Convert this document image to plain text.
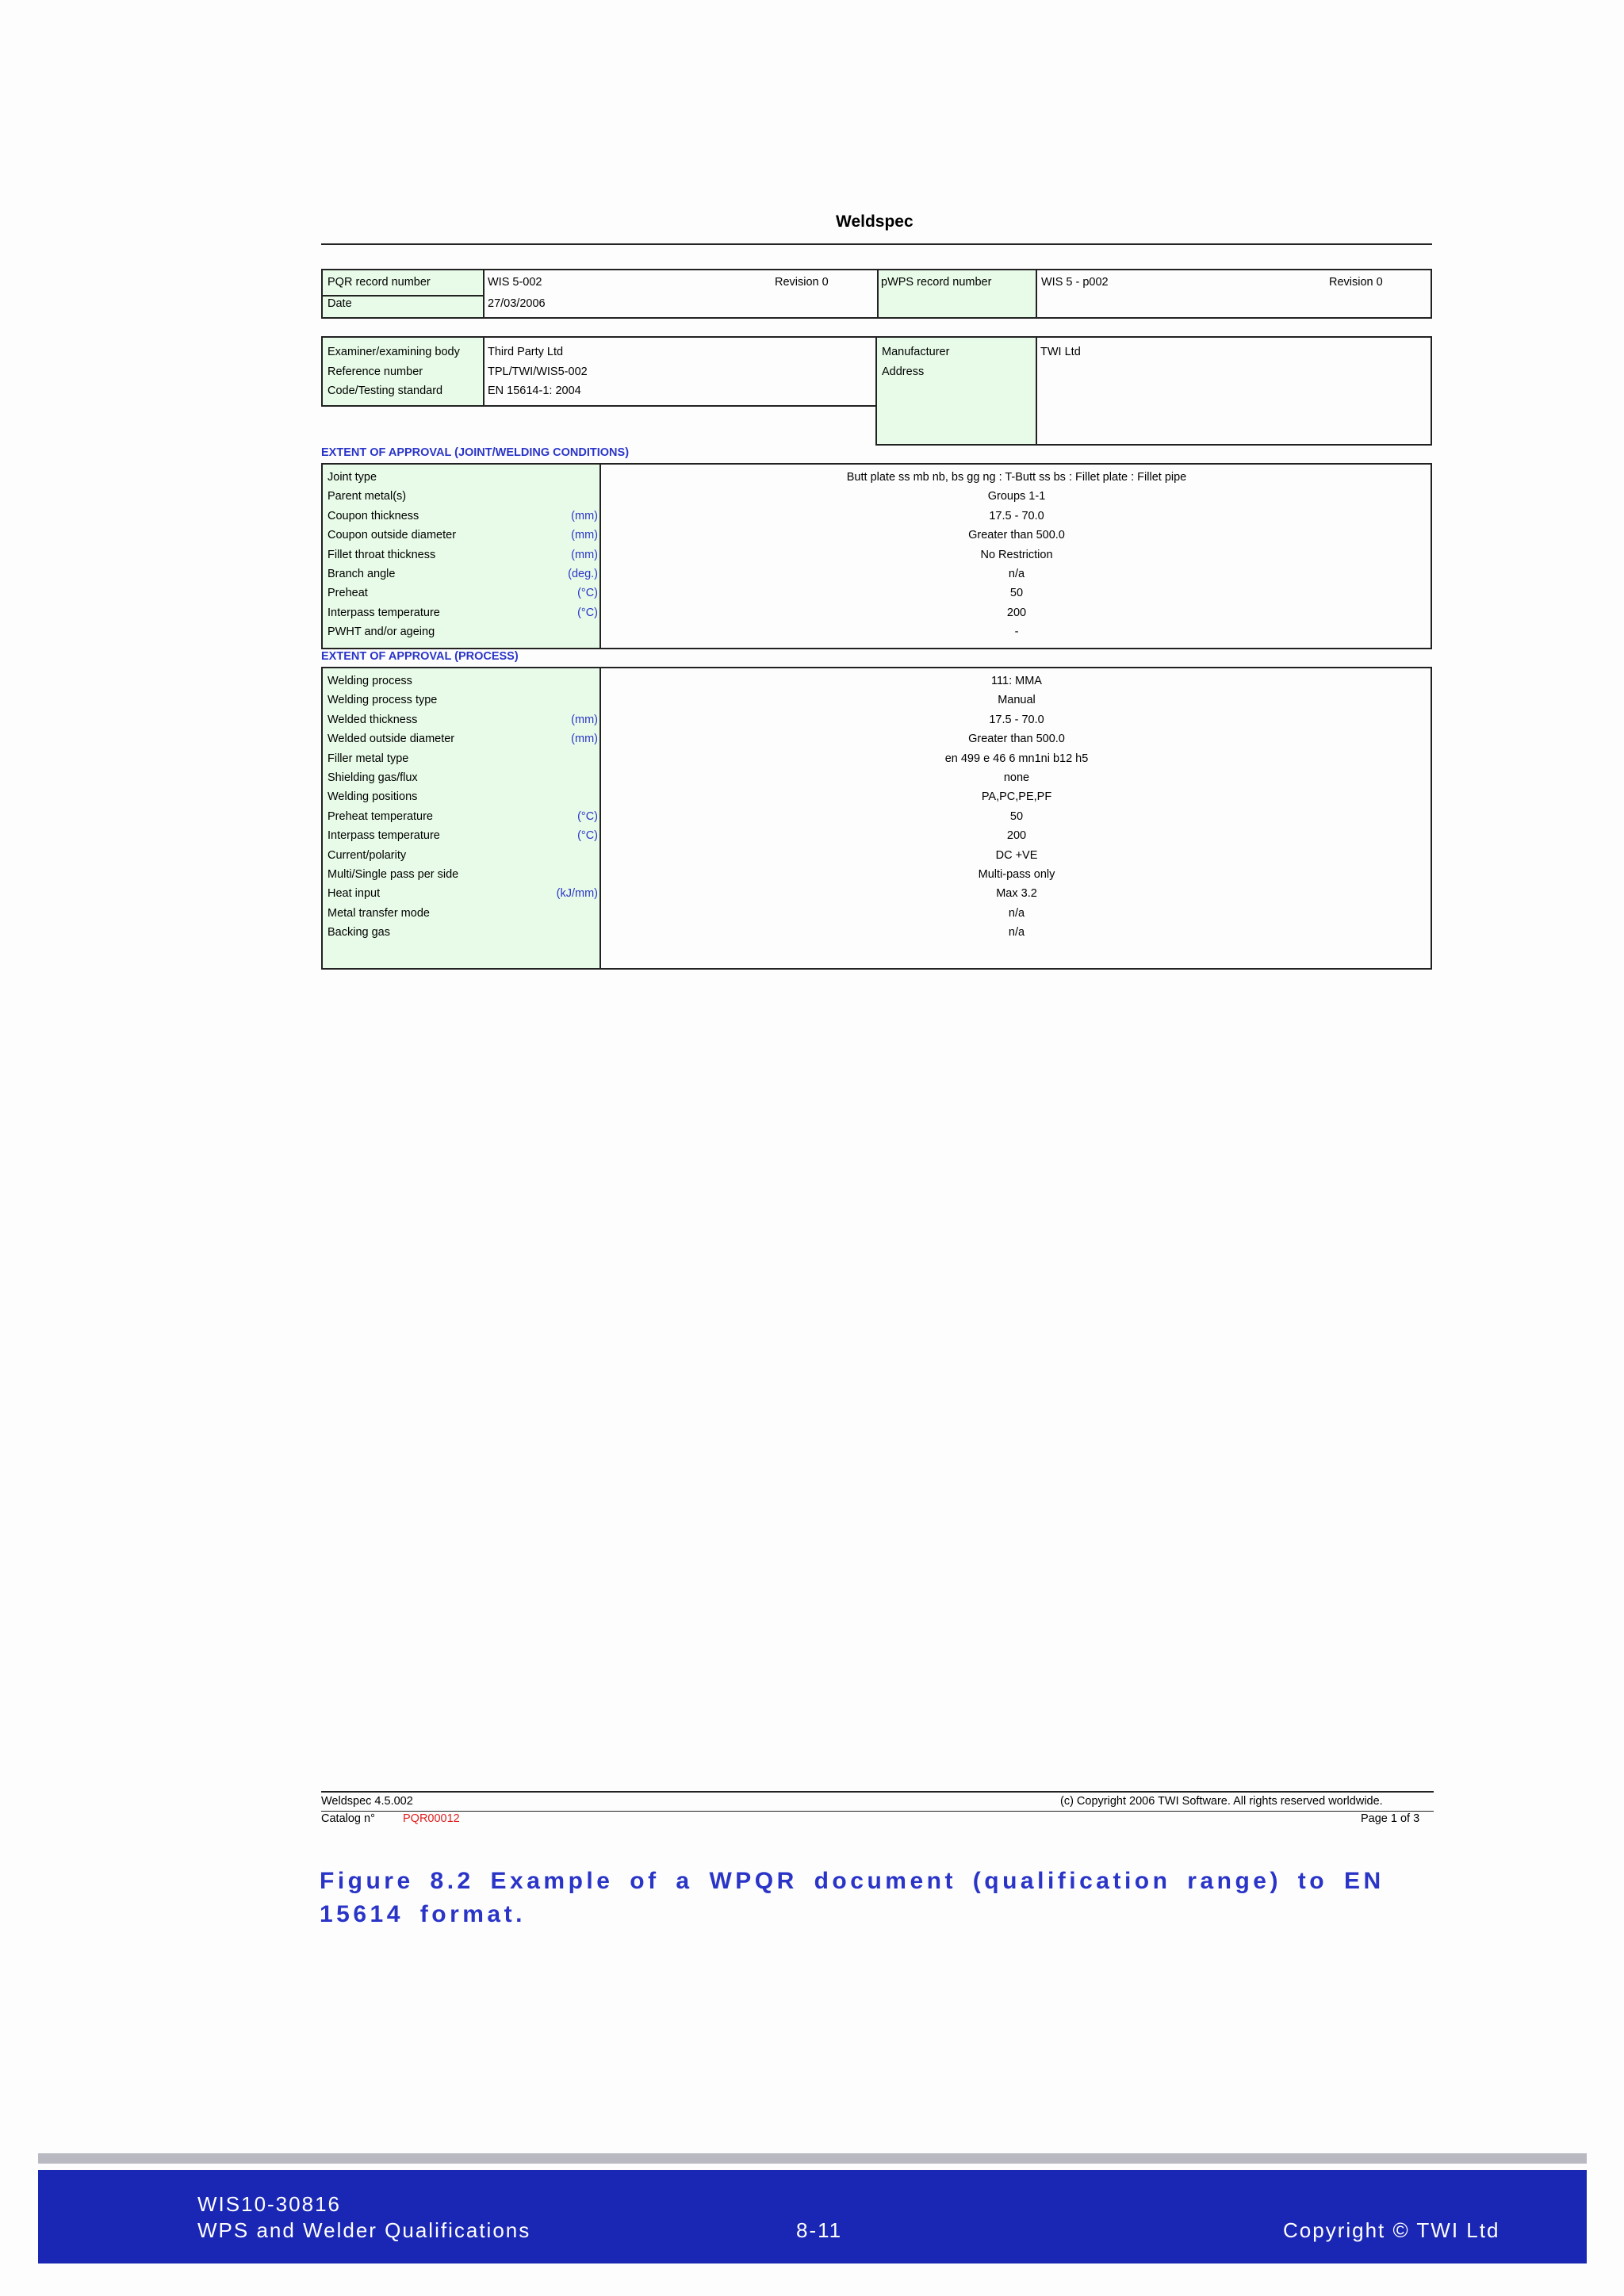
Weldspec
PQR record number	WIS 5-002	Revision 0
Date	27/03/2006
pWPS record number	WIS 5 - p002	Revision 0
Examiner/examining body Third Party Ltd
Reference number	TPL/TWI/WIS5-002
Code/Testing standard	EN 15614-1: 2004
Manufacturer	TWI Ltd
Address
EXTENT OF APPROVAL (JOINT/WELDING CONDITIONS)
Joint type	Butt plate ss mb nb, bs gg ng : T-Butt ss bs : Fillet plate : Fillet pipe
Parent metal(s)	Groups 1-1
Coupon thickness	(mm)	17.5 - 70.0
Coupon outside diameter	(mm)	Greater than 500.0
Fillet throat thickness	(mm)	No Restriction
Branch angle	(deg.)	n/a
Preheat	(°C)	50
Interpass temperature	(°C)	200
PWHT and/or ageing	-
EXTENT OF APPROVAL (PROCESS)
Welding process	111: MMA
Welding process type	Manual
Welded thickness	(mm)	17.5 - 70.0
Welded outside diameter	(mm)	Greater than 500.0
Filler metal type	en 499 e 46 6 mn1ni b12 h5
Shielding gas/flux	none
Welding positions	PA,PC,PE,PF
Preheat temperature	(°C)	50
Interpass temperature	(°C)	200
Current/polarity	DC +VE
Multi/Single pass per side	Multi-pass only
Heat input	(kJ/mm)	Max 3.2
Metal transfer mode	n/a
Backing gas	n/a
Weldspec 4.5.002	(c) Copyright 2006 TWI Software. All rights reserved worldwide.
Catalog n° PQR00012	Page 1 of 3
Figure 8.2 Example of a WPQR document (qualification range) to EN 15614 format.
WIS10-30816
WPS and Welder Qualifications	8-11	Copyright © TWI Ltd
